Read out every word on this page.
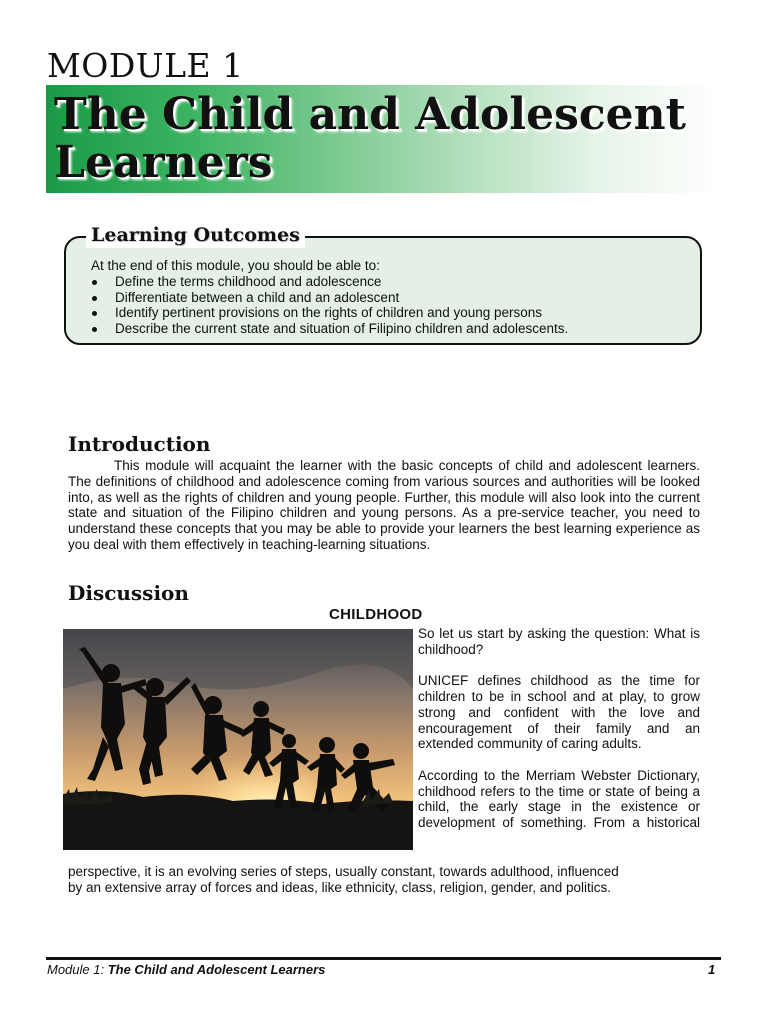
MODULE 1
The Child and Adolescent
Learners
Learning Outcomes
At the end of this module, you should be able to:
Define the terms childhood and adolescence
Differentiate between a child and an adolescent
Identify pertinent provisions on the rights of children and young persons
Describe the current state and situation of Filipino children and adolescents.
Introduction

This module will acquaint the learner with the basic concepts of child and adolescent learners. The definitions of childhood and adolescence coming from various sources and authorities will be looked into, as well as the rights of children and young people. Further, this module will also look into the current state and situation of the Filipino children and young persons. As a pre-service teacher, you need to understand these concepts that you may be able to provide your learners the best learning experience as you deal with them effectively in teaching-learning situations.

Discussion
CHILDHOOD

So let us start by asking the question: What is childhood?

UNICEF defines childhood as the time for children to be in school and at play, to grow strong and confident with the love and encouragement of their family and an extended community of caring adults.

According to the Merriam Webster Dictionary, childhood refers to the time or state of being a child, the early stage in the existence or development of something. From a historical

perspective, it is an evolving series of steps, usually constant, towards adulthood, influenced

by an extensive array of forces and ideas, like ethnicity, class, religion, gender, and politics.

Module 1: The Child and Adolescent Learners	1
